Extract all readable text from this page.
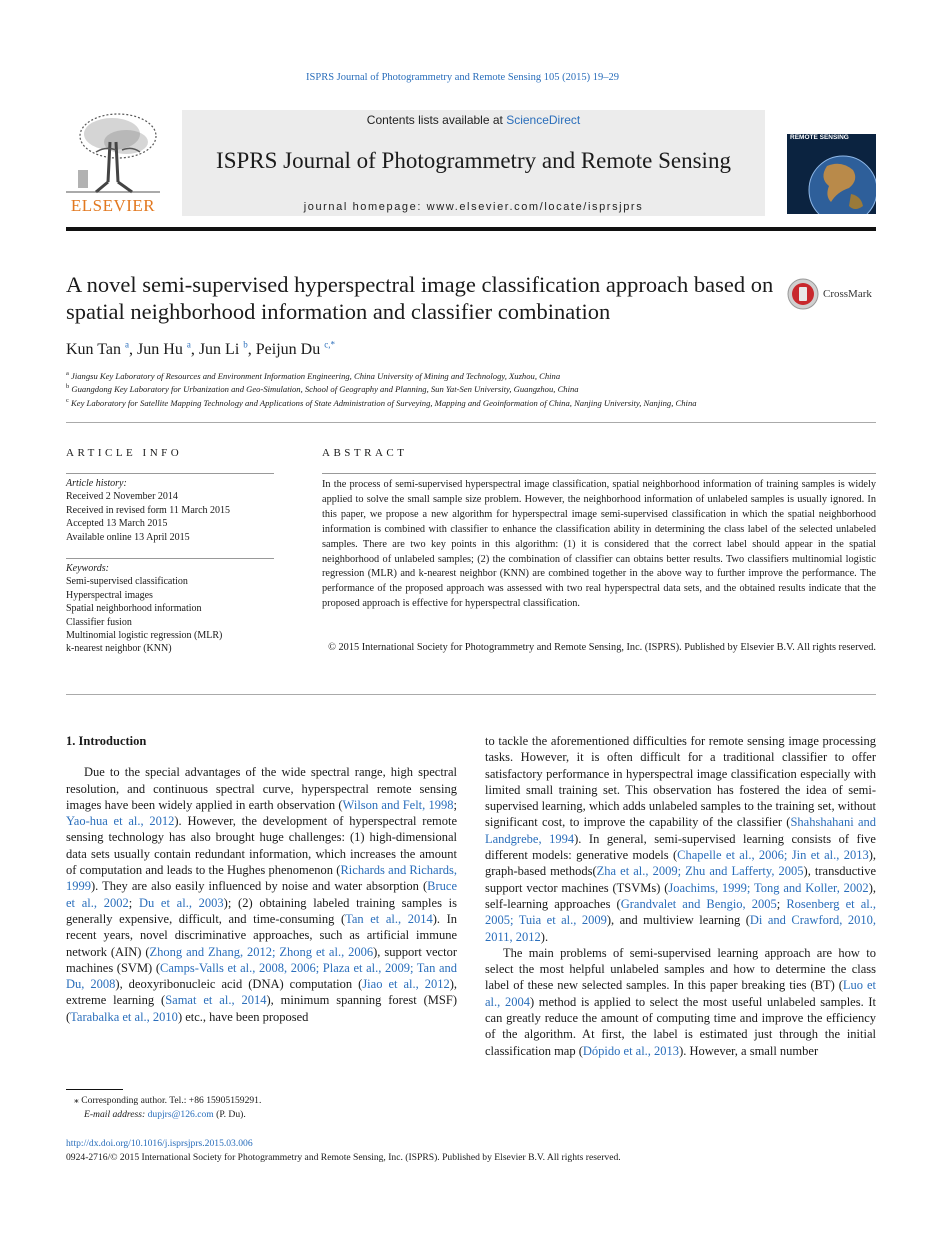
ISPRS Journal of Photogrammetry and Remote Sensing 105 (2015) 19–29
ELSEVIER
Contents lists available at ScienceDirect
ISPRS Journal of Photogrammetry and Remote Sensing
journal homepage: www.elsevier.com/locate/isprsjprs
PHOTOGRAMMETRY AND REMOTE SENSING
A novel semi-supervised hyperspectral image classification approach based on spatial neighborhood information and classifier combination
CrossMark
Kun Tan $^a$, Jun Hu $^a$, Jun Li $^b$, Peijun Du $^{c,*}$
$^a$ Jiangsu Key Laboratory of Resources and Environment Information Engineering, China University of Mining and Technology, Xuzhou, China
$^b$ Guangdong Key Laboratory for Urbanization and Geo-Simulation, School of Geography and Planning, Sun Yat-Sen University, Guangzhou, China
$^c$ Key Laboratory for Satellite Mapping Technology and Applications of State Administration of Surveying, Mapping and Geoinformation of China, Nanjing University, Nanjing, China
ARTICLE INFO	ABSTRACT
Article history:
Received 2 November 2014
Received in revised form 11 March 2015
Accepted 13 March 2015
Available online 13 April 2015
Keywords:
Semi-supervised classification
Hyperspectral images
Spatial neighborhood information
Classifier fusion
Multinomial logistic regression (MLR)
k-nearest neighbor (KNN)
In the process of semi-supervised hyperspectral image classification, spatial neighborhood information of training samples is widely applied to solve the small sample size problem. However, the neighborhood information of unlabeled samples is usually ignored. In this paper, we propose a new algorithm for hyperspectral image semi-supervised classification in which the spatial neighborhood information is combined with classifier to enhance the classification ability in determining the class label of the selected unlabeled samples. There are two key points in this algorithm: (1) it is considered that the correct label should appear in the spatial neighborhood of unlabeled samples; (2) the combination of classifier can obtains better results. Two classifiers multinomial logistic regression (MLR) and k-nearest neighbor (KNN) are combined together in the above way to further improve the performance. The performance of the proposed approach was assessed with two real hyperspectral data sets, and the obtained results indicate that the proposed approach is effective for hyperspectral classification.
© 2015 International Society for Photogrammetry and Remote Sensing, Inc. (ISPRS). Published by Elsevier B.V. All rights reserved.
1. Introduction

Due to the special advantages of the wide spectral range, high spectral resolution, and continuous spectral curve, hyperspectral remote sensing images have been widely applied in earth observation (Wilson and Felt, 1998; Yao-hua et al., 2012). However, the development of hyperspectral remote sensing technology has also brought huge challenges: (1) high-dimensional data sets usually contain redundant information, which increases the amount of computation and leads to the Hughes phenomenon (Richards and Richards, 1999). They are also easily influenced by noise and water absorption (Bruce et al., 2002; Du et al., 2003); (2) obtaining labeled training samples is generally expensive, difficult, and time-consuming (Tan et al., 2014). In recent years, novel discriminative approaches, such as artificial immune network (AIN) (Zhong and Zhang, 2012; Zhong et al., 2006), support vector machines (SVM) (Camps-Valls et al., 2008, 2006; Plaza et al., 2009; Tan and Du, 2008), deoxyribonucleic acid (DNA) computation (Jiao et al., 2012), extreme learning (Samat et al., 2014), minimum spanning forest (MSF) (Tarabalka et al., 2010) etc., have been proposed

to tackle the aforementioned difficulties for remote sensing image processing tasks. However, it is often difficult for a traditional classifier to offer satisfactory performance in hyperspectral image classification especially with limited small training set. This observation has fostered the idea of semi-supervised learning, which adds unlabeled samples to the training set, without significant cost, to improve the capability of the classifier (Shahshahani and Landgrebe, 1994). In general, semi-supervised learning consists of five different models: generative models (Chapelle et al., 2006; Jin et al., 2013), graph-based methods(Zha et al., 2009; Zhu and Lafferty, 2005), transductive support vector machines (TSVMs) (Joachims, 1999; Tong and Koller, 2002), self-learning approaches (Grandvalet and Bengio, 2005; Rosenberg et al., 2005; Tuia et al., 2009), and multiview learning (Di and Crawford, 2010, 2011, 2012).

The main problems of semi-supervised learning approach are how to select the most helpful unlabeled samples and how to determine the class label of these new selected samples. In this paper breaking ties (BT) (Luo et al., 2004) method is applied to select the most useful unlabeled samples. It can greatly reduce the amount of computing time and improve the efficiency of the algorithm. At first, the label is estimated just through the initial classification map (Dópido et al., 2013). However, a small number

⁎ Corresponding author. Tel.: +86 15905159291.
E-mail address: dupjrs@126.com (P. Du).
http://dx.doi.org/10.1016/j.isprsjprs.2015.03.006
0924-2716/© 2015 International Society for Photogrammetry and Remote Sensing, Inc. (ISPRS). Published by Elsevier B.V. All rights reserved.
